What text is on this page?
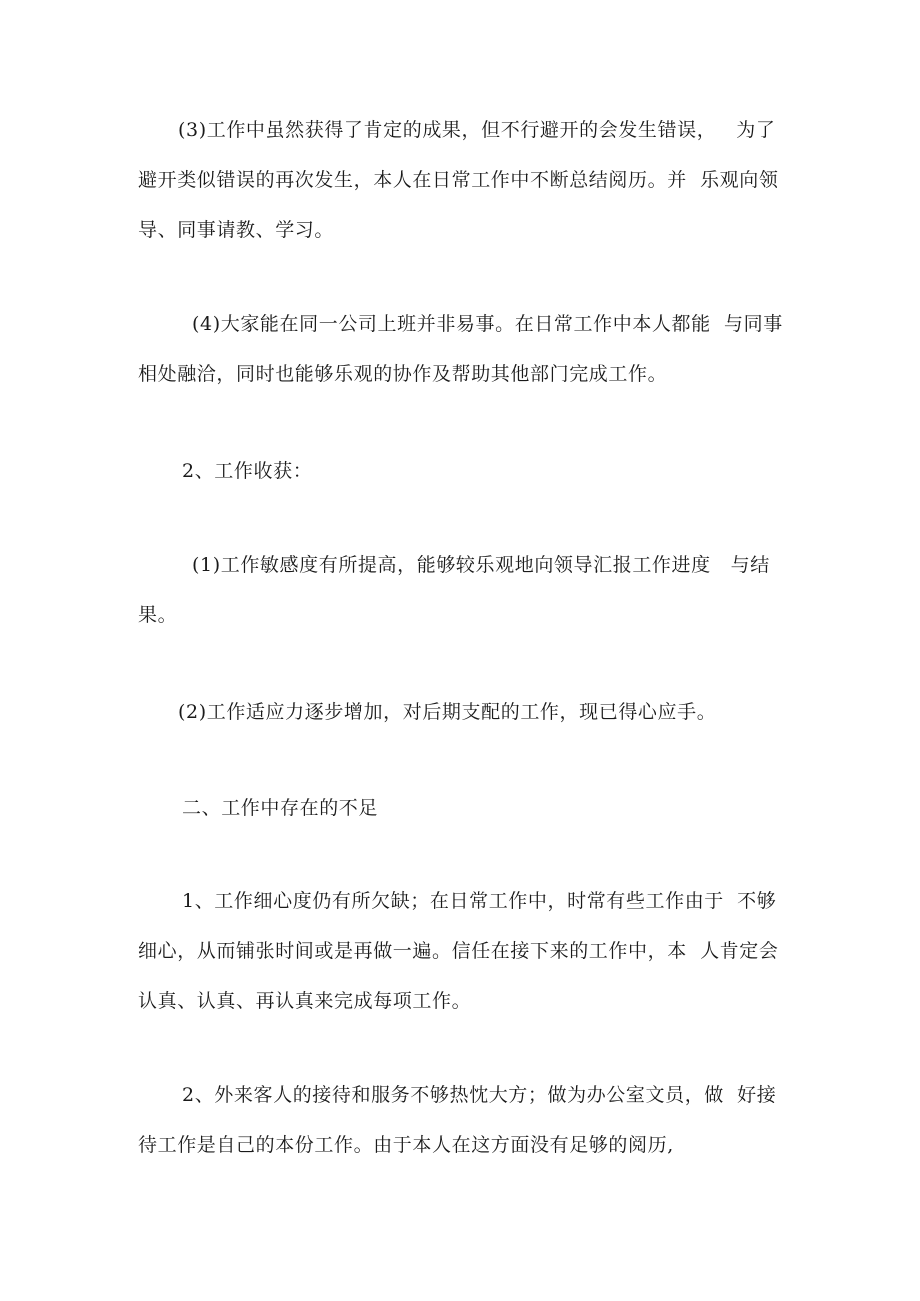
(3)工作中虽然获得了肯定的成果，但不行避开的会发生错误，   为了
避开类似错误的再次发生，本人在日常工作中不断总结阅历。并  乐观向领
导、同事请教、学习。
(4)大家能在同一公司上班并非易事。在日常工作中本人都能  与同事
相处融洽，同时也能够乐观的协作及帮助其他部门完成工作。
2、工作收获：
(1)工作敏感度有所提高，能够较乐观地向领导汇报工作进度   与结
果。
(2)工作适应力逐步增加，对后期支配的工作，现已得心应手。
二、工作中存在的不足
1、工作细心度仍有所欠缺；在日常工作中，时常有些工作由于  不够
细心，从而铺张时间或是再做一遍。信任在接下来的工作中，本  人肯定会
认真、认真、再认真来完成每项工作。
2、外来客人的接待和服务不够热忱大方；做为办公室文员，做  好接
待工作是自己的本份工作。由于本人在这方面没有足够的阅历,
